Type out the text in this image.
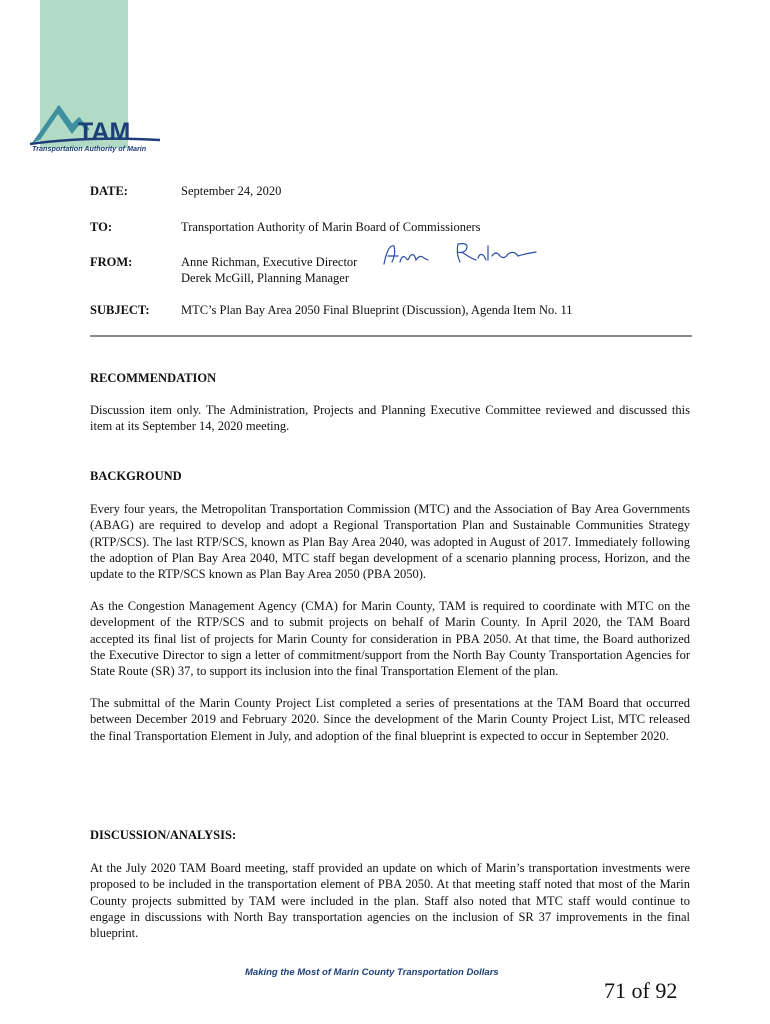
TAM
Transportation Authority of Marin
DATE:	September 24, 2020
TO:	Transportation Authority of Marin Board of Commissioners
FROM:	Anne Richman, Executive Director
Derek McGill, Planning Manager
SUBJECT:	MTC’s Plan Bay Area 2050 Final Blueprint (Discussion), Agenda Item No. 11
RECOMMENDATION

Discussion item only. The Administration, Projects and Planning Executive Committee reviewed and discussed this item at its September 14, 2020 meeting.

BACKGROUND

Every four years, the Metropolitan Transportation Commission (MTC) and the Association of Bay Area Governments (ABAG) are required to develop and adopt a Regional Transportation Plan and Sustainable Communities Strategy (RTP/SCS). The last RTP/SCS, known as Plan Bay Area 2040, was adopted in August of 2017. Immediately following the adoption of Plan Bay Area 2040, MTC staff began development of a scenario planning process, Horizon, and the update to the RTP/SCS known as Plan Bay Area 2050 (PBA 2050).

As the Congestion Management Agency (CMA) for Marin County, TAM is required to coordinate with MTC on the development of the RTP/SCS and to submit projects on behalf of Marin County. In April 2020, the TAM Board accepted its final list of projects for Marin County for consideration in PBA 2050. At that time, the Board authorized the Executive Director to sign a letter of commitment/support from the North Bay County Transportation Agencies for State Route (SR) 37, to support its inclusion into the final Transportation Element of the plan.

The submittal of the Marin County Project List completed a series of presentations at the TAM Board that occurred between December 2019 and February 2020. Since the development of the Marin County Project List, MTC released the final Transportation Element in July, and adoption of the final blueprint is expected to occur in September 2020.

DISCUSSION/ANALYSIS:

At the July 2020 TAM Board meeting, staff provided an update on which of Marin’s transportation investments were proposed to be included in the transportation element of PBA 2050. At that meeting staff noted that most of the Marin County projects submitted by TAM were included in the plan. Staff also noted that MTC staff would continue to engage in discussions with North Bay transportation agencies on the inclusion of SR 37 improvements in the final blueprint.

Making the Most of Marin County Transportation Dollars
71 of 92
